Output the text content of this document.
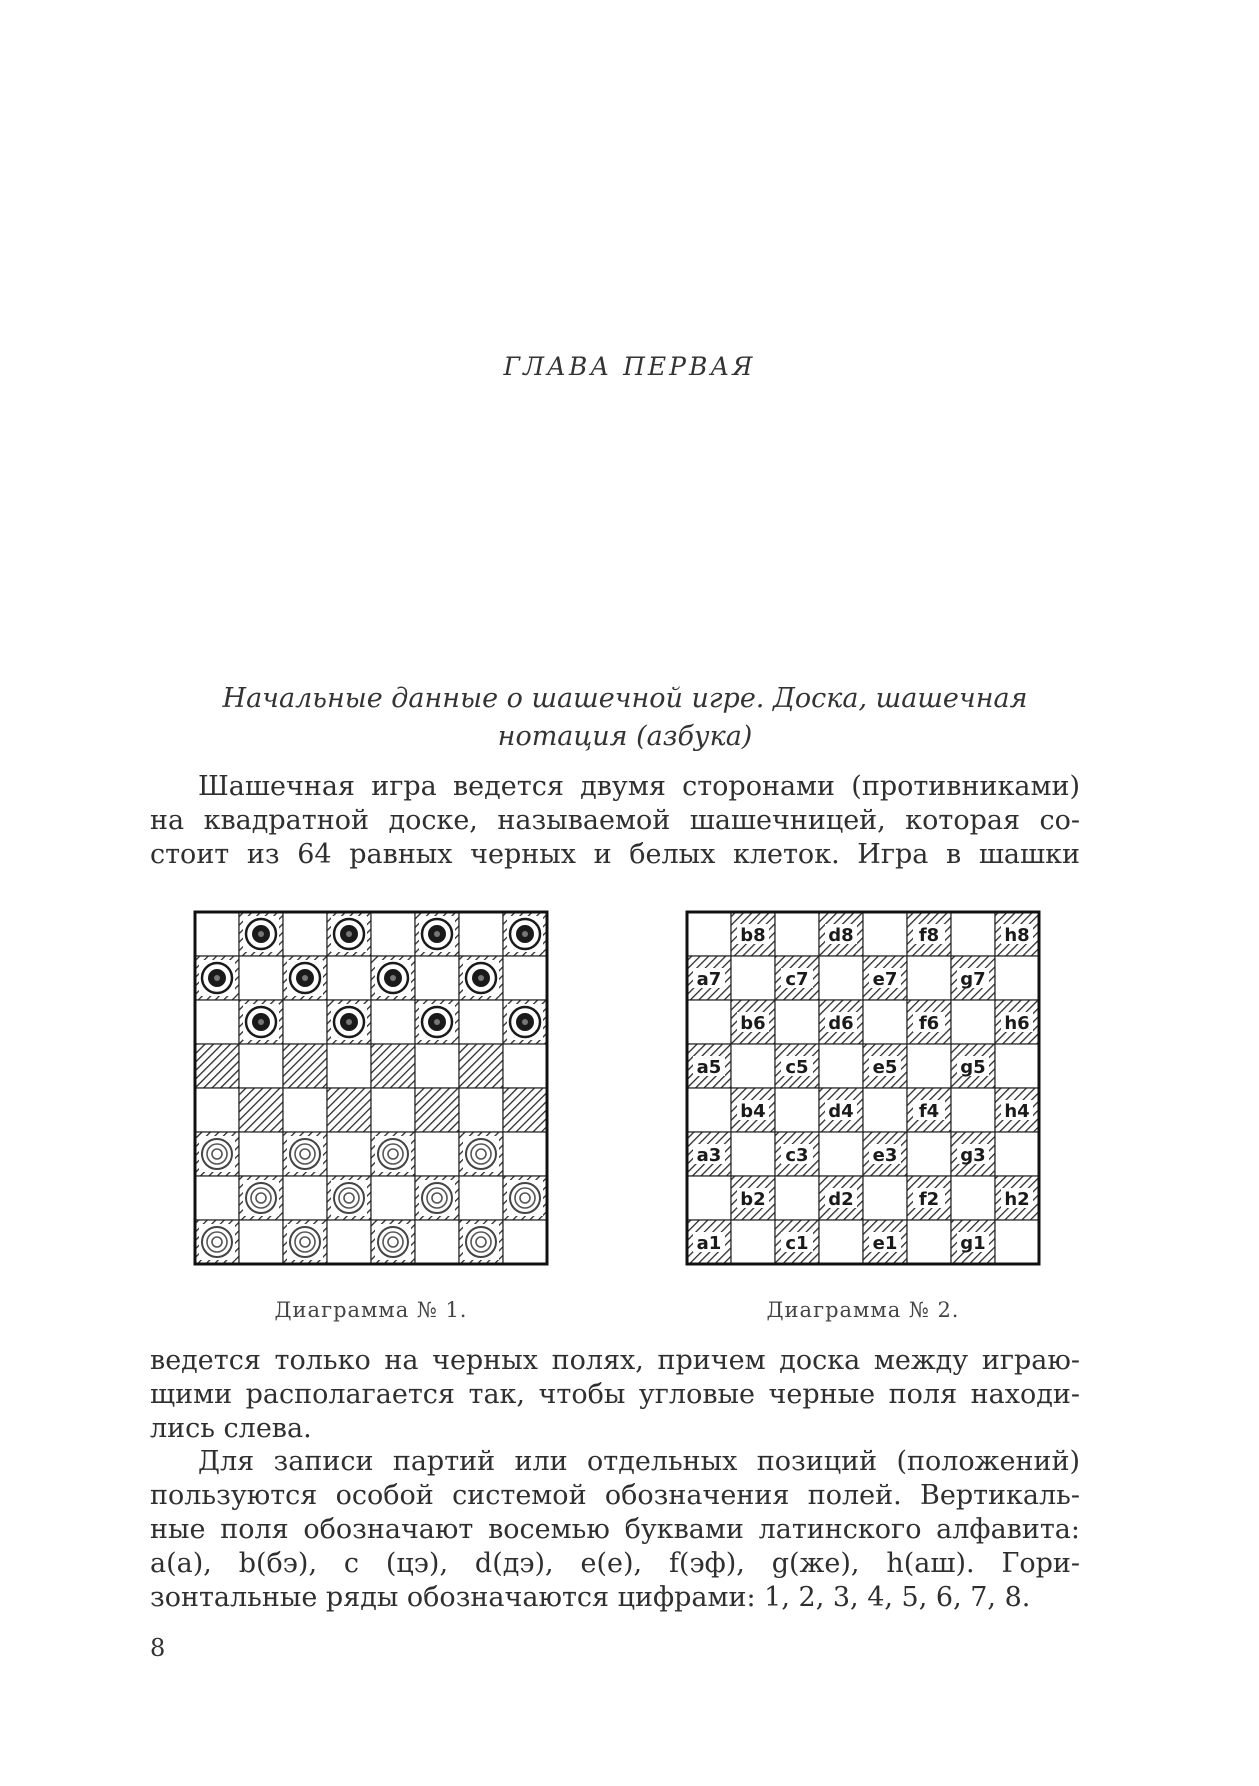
ГЛАВА ПЕРВАЯ
Начальные данные о шашечной игре. Доска, шашечная
нотация (азбука)

Шашечная игра ведется двумя сторонами (противниками)
на квадратной доске, называемой шашечницей, которая со-
стоит из 64 равных черных и белых клеток. Игра в шашки

Диаграмма № 1.
b8	d8	f8	h8
a7	c7	e7	g7
b6	d6	f6	h6
a5	c5	e5	g5
b4	d4	f4	h4
a3	c3	e3	g3
b2	d2	f2	h2
a1	c1	e1	g1
Диаграмма № 2.

ведется только на черных полях, причем доска между играю-
щими располагается так, чтобы угловые черные поля находи-
лись слева.

Для записи партий или отдельных позиций (положений)
пользуются особой системой обозначения полей. Вертикаль-
ные поля обозначают восемью буквами латинского алфавита:
a(а), b(бэ), c (цэ), d(дэ), e(е), f(эф), g(же), h(аш). Гори-
зонтальные ряды обозначаются цифрами: 1, 2, 3, 4, 5, 6, 7, 8.

8
